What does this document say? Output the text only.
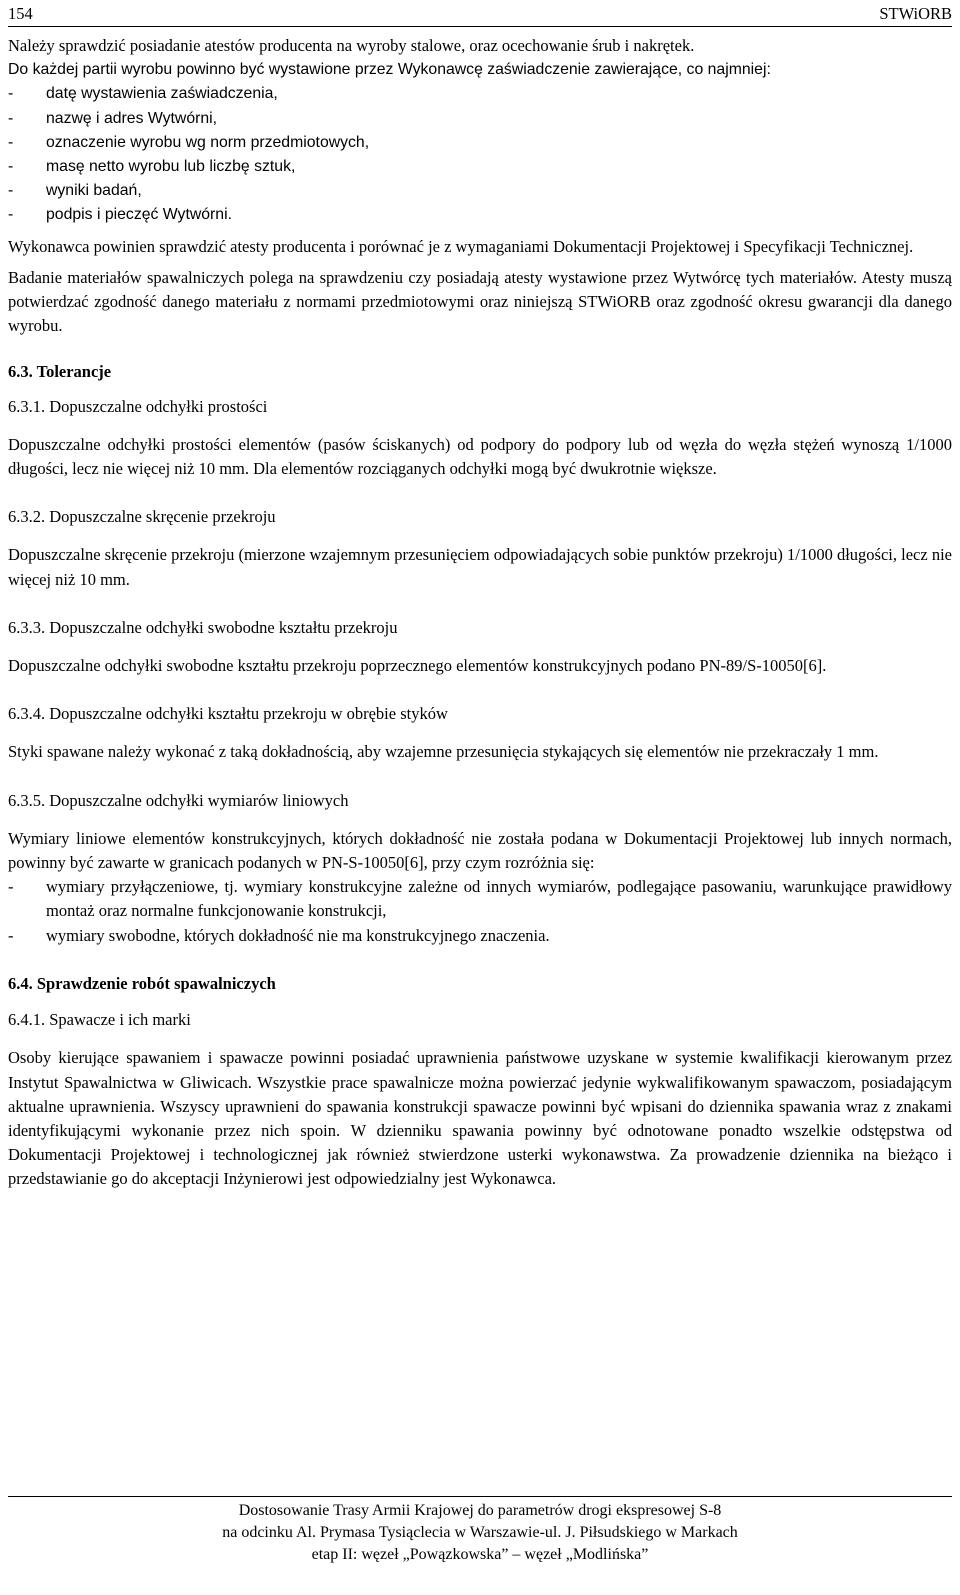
154	STWiORB

Należy sprawdzić posiadanie atestów producenta na wyroby stalowe, oraz ocechowanie śrub i nakrętek.

Do każdej partii wyrobu powinno być wystawione przez Wykonawcę zaświadczenie zawierające, co najmniej:

-	datę wystawienia zaświadczenia,
-	nazwę i adres Wytwórni,
-	oznaczenie wyrobu wg norm przedmiotowych,
-	masę netto wyrobu lub liczbę sztuk,
-	wyniki badań,
-	podpis i pieczęć Wytwórni.

Wykonawca powinien sprawdzić atesty producenta i porównać je z wymaganiami Dokumentacji Projektowej i Specyfikacji Technicznej.

Badanie materiałów spawalniczych polega na sprawdzeniu czy posiadają atesty wystawione przez Wytwórcę tych materiałów. Atesty muszą potwierdzać zgodność danego materiału z normami przedmiotowymi oraz niniejszą STWiORB oraz zgodność okresu gwarancji dla danego wyrobu.

6.3. Tolerancje

6.3.1. Dopuszczalne odchyłki prostości

Dopuszczalne odchyłki prostości elementów (pasów ściskanych) od podpory do podpory lub od węzła do węzła stężeń wynoszą 1/1000 długości, lecz nie więcej niż 10 mm. Dla elementów rozciąganych odchyłki mogą być dwukrotnie większe.

6.3.2. Dopuszczalne skręcenie przekroju

Dopuszczalne skręcenie przekroju (mierzone wzajemnym przesunięciem odpowiadających sobie punktów przekroju) 1/1000 długości, lecz nie więcej niż 10 mm.

6.3.3. Dopuszczalne odchyłki swobodne kształtu przekroju

Dopuszczalne odchyłki swobodne kształtu przekroju poprzecznego elementów konstrukcyjnych podano PN-89/S-10050[6].

6.3.4. Dopuszczalne odchyłki kształtu przekroju w obrębie styków

Styki spawane należy wykonać z taką dokładnością, aby wzajemne przesunięcia stykających się elementów nie przekraczały 1 mm.

6.3.5. Dopuszczalne odchyłki wymiarów liniowych

Wymiary liniowe elementów konstrukcyjnych, których dokładność nie została podana w Dokumentacji Projektowej lub innych normach, powinny być zawarte w granicach podanych w PN-S-10050[6], przy czym rozróżnia się:

-	wymiary przyłączeniowe, tj. wymiary konstrukcyjne zależne od innych wymiarów, podlegające pasowaniu, warunkujące prawidłowy montaż oraz normalne funkcjonowanie konstrukcji,
-	wymiary swobodne, których dokładność nie ma konstrukcyjnego znaczenia.

6.4. Sprawdzenie robót spawalniczych

6.4.1. Spawacze i ich marki

Osoby kierujące spawaniem i spawacze powinni posiadać uprawnienia państwowe uzyskane w systemie kwalifikacji kierowanym przez Instytut Spawalnictwa w Gliwicach. Wszystkie prace spawalnicze można powierzać jedynie wykwalifikowanym spawaczom, posiadającym aktualne uprawnienia. Wszyscy uprawnieni do spawania konstrukcji spawacze powinni być wpisani do dziennika spawania wraz z znakami identyfikującymi wykonanie przez nich spoin. W dzienniku spawania powinny być odnotowane ponadto wszelkie odstępstwa od Dokumentacji Projektowej i technologicznej jak również stwierdzone usterki wykonawstwa. Za prowadzenie dziennika na bieżąco i przedstawianie go do akceptacji Inżynierowi jest odpowiedzialny jest Wykonawca.

Dostosowanie Trasy Armii Krajowej do parametrów drogi ekspresowej S-8
na odcinku Al. Prymasa Tysiąclecia w Warszawie-ul. J. Piłsudskiego w Markach
etap II: węzeł „Powązkowska” – węzeł „Modlińska”
